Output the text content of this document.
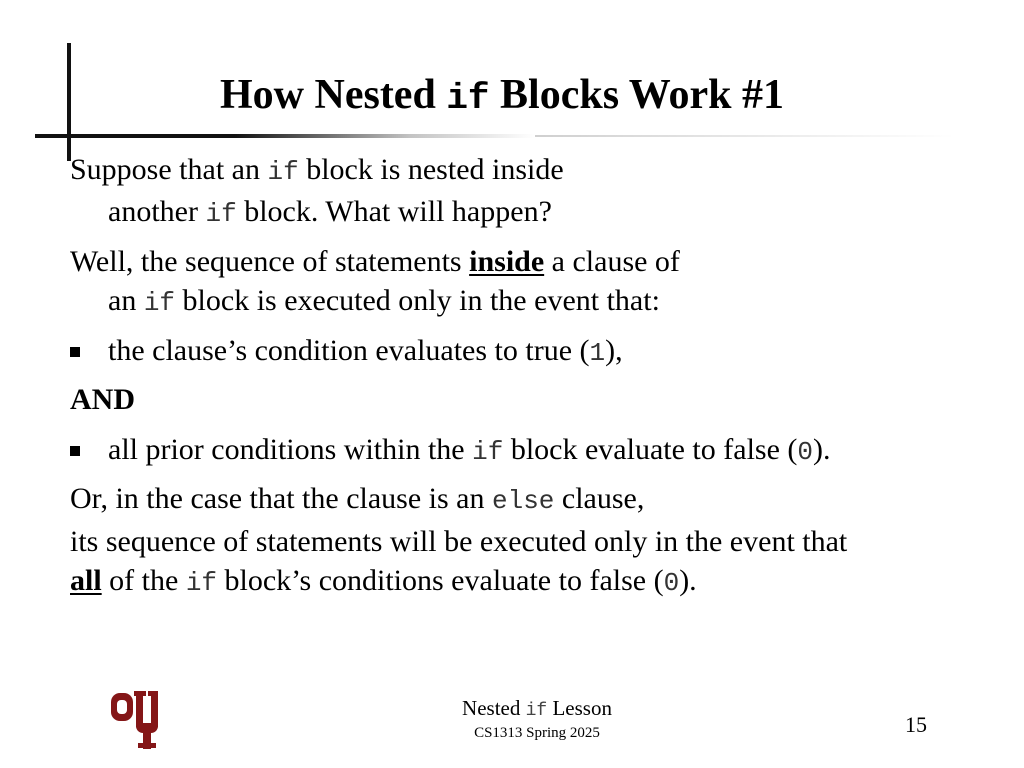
How Nested if Blocks Work #1
Suppose that an if block is nested inside
another if block. What will happen?
Well, the sequence of statements inside a clause of
an if block is executed only in the event that:
the clause’s condition evaluates to true (1),
AND
all prior conditions within the if block evaluate to false (0).
Or, in the case that the clause is an else clause,
its sequence of statements will be executed only in the event that
all of the if block’s conditions evaluate to false (0).
Nested if Lesson
CS1313 Spring 2025	15
